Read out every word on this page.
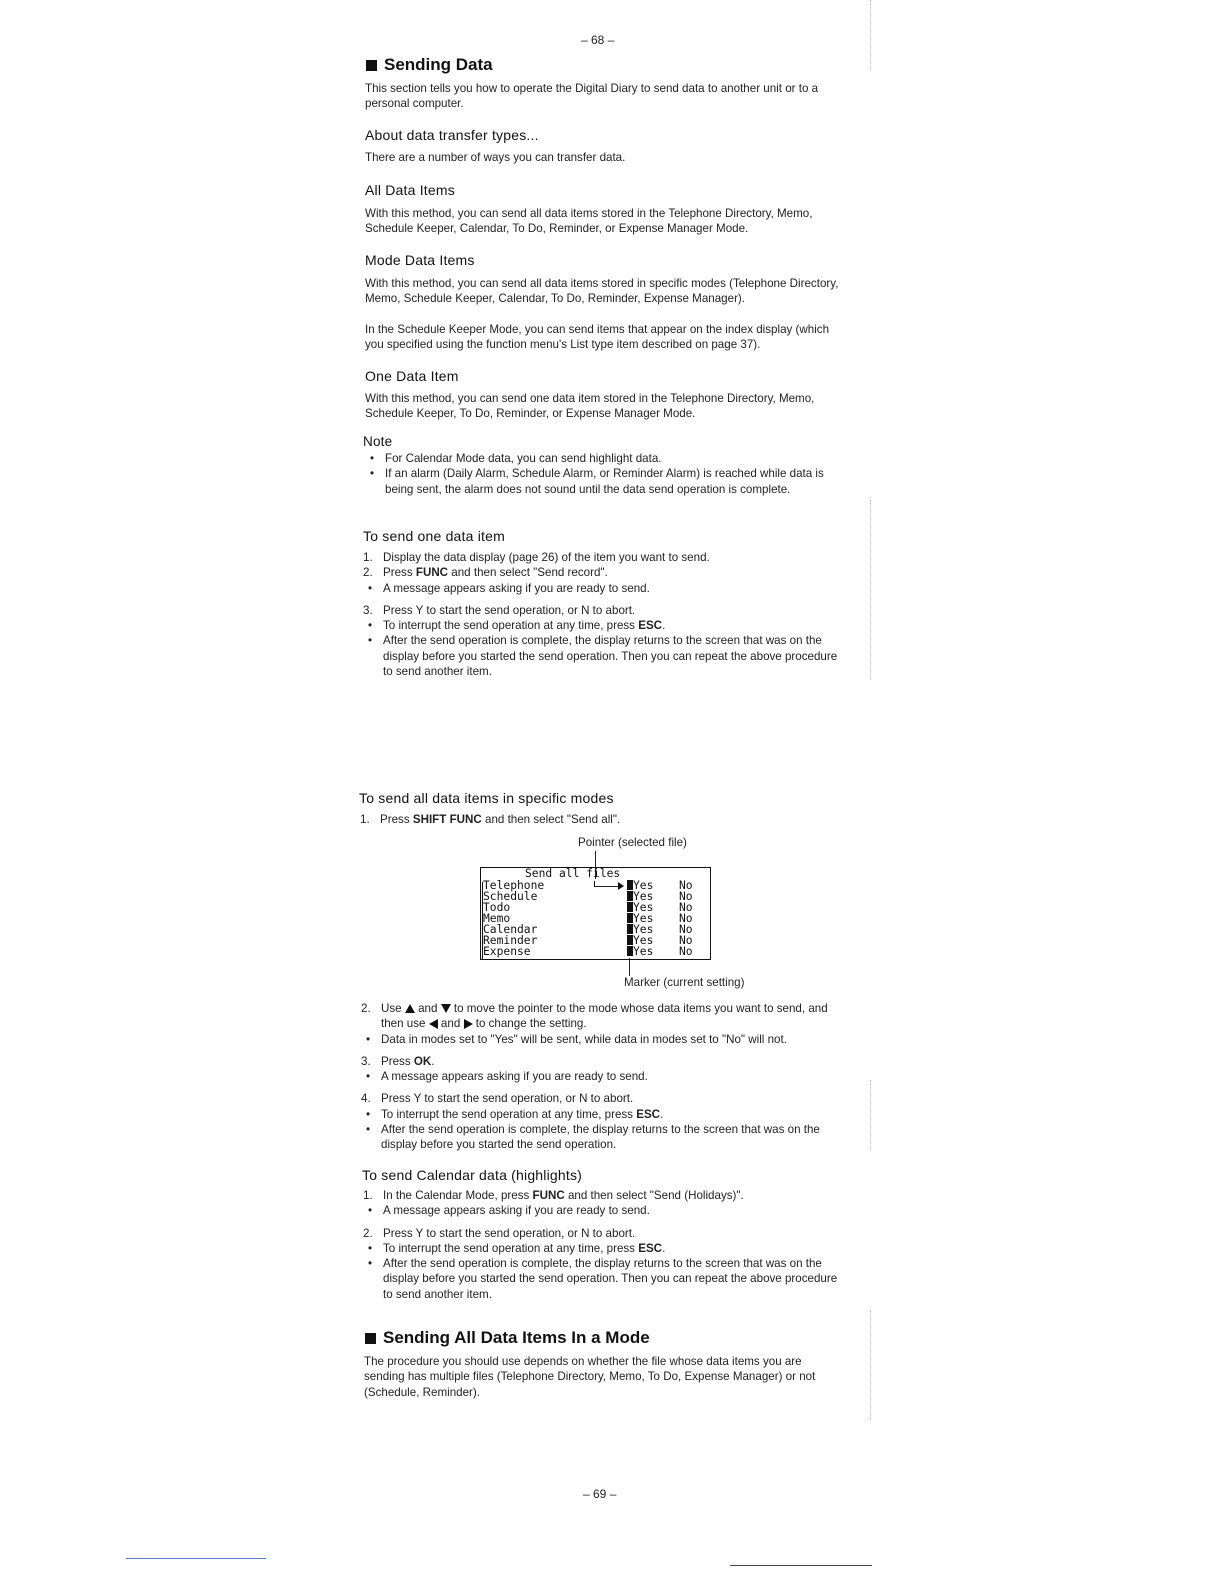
– 68 –
Sending Data

This section tells you how to operate the Digital Diary to send data to another unit or to a personal computer.

About data transfer types...

There are a number of ways you can transfer data.

All Data Items

With this method, you can send all data items stored in the Telephone Directory, Memo, Schedule Keeper, Calendar, To Do, Reminder, or Expense Manager Mode.

Mode Data Items

With this method, you can send all data items stored in specific modes (Telephone Directory, Memo, Schedule Keeper, Calendar, To Do, Reminder, Expense Manager).

In the Schedule Keeper Mode, you can send items that appear on the index display (which you specified using the function menu's List type item described on page 37).

One Data Item

With this method, you can send one data item stored in the Telephone Directory, Memo, Schedule Keeper, To Do, Reminder, or Expense Manager Mode.

Note
• For Calendar Mode data, you can send highlight data.
• If an alarm (Daily Alarm, Schedule Alarm, or Reminder Alarm) is reached while data is being sent, the alarm does not sound until the data send operation is complete.
To send one data item
1. Display the data display (page 26) of the item you want to send.
2. Press FUNC and then select "Send record".
• A message appears asking if you are ready to send.
3. Press Y to start the send operation, or N to abort.
• To interrupt the send operation at any time, press ESC.
• After the send operation is complete, the display returns to the screen that was on the display before you started the send operation. Then you can repeat the above procedure to send another item.
To send all data items in specific modes
1. Press SHIFT FUNC and then select "Send all".
Pointer (selected file)
Send all files
Telephone
Schedule
Todo
Memo
Calendar
Reminder
Expense
Yes
Yes
Yes
Yes
Yes
Yes
Yes
No
No
No
No
No
No
No
Marker (current setting)
2. Use  and  to move the pointer to the mode whose data items you want to send, and then use  and  to change the setting.
• Data in modes set to "Yes" will be sent, while data in modes set to "No" will not.
3. Press OK.
• A message appears asking if you are ready to send.
4. Press Y to start the send operation, or N to abort.
• To interrupt the send operation at any time, press ESC.
• After the send operation is complete, the display returns to the screen that was on the display before you started the send operation.
To send Calendar data (highlights)
1. In the Calendar Mode, press FUNC and then select "Send (Holidays)".
• A message appears asking if you are ready to send.
2. Press Y to start the send operation, or N to abort.
• To interrupt the send operation at any time, press ESC.
• After the send operation is complete, the display returns to the screen that was on the display before you started the send operation. Then you can repeat the above procedure to send another item.
Sending All Data Items In a Mode

The procedure you should use depends on whether the file whose data items you are sending has multiple files (Telephone Directory, Memo, To Do, Expense Manager) or not (Schedule, Reminder).

– 69 –
